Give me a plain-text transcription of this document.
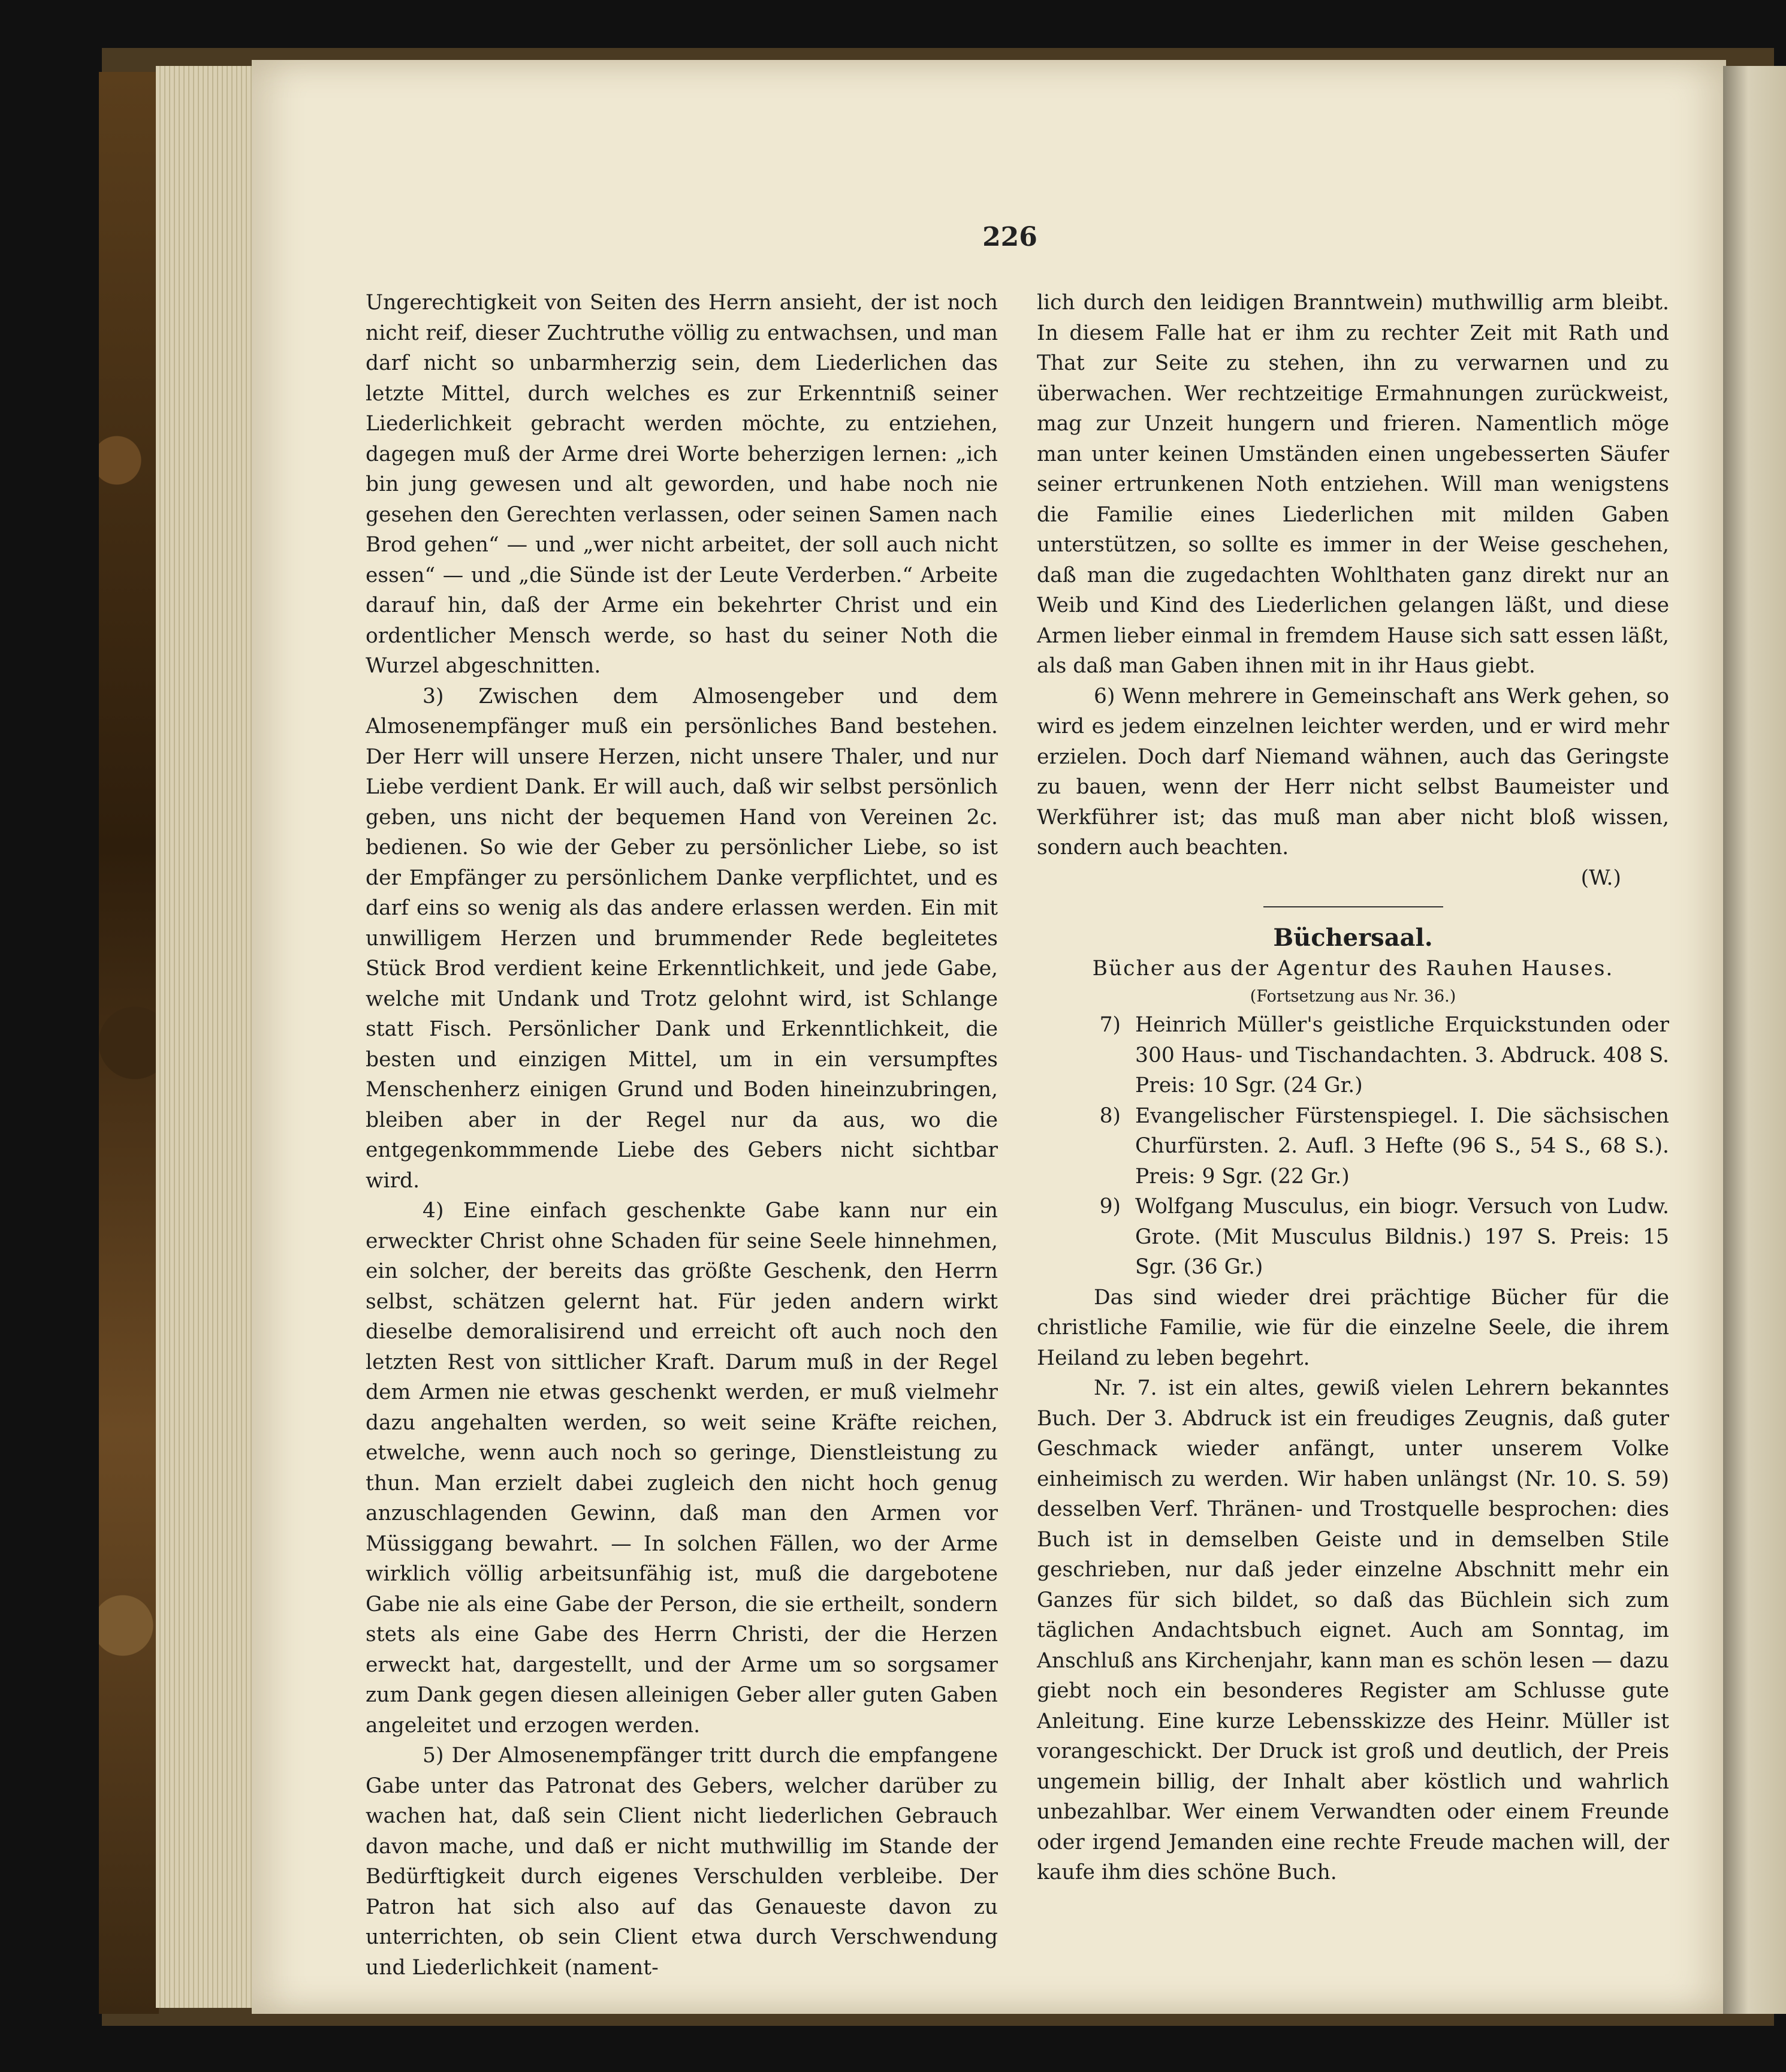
226

Ungerechtigkeit von Seiten des Herrn ansieht, der ist noch nicht reif, dieser Zuchtruthe völlig zu entwachsen, und man darf nicht so unbarmherzig sein, dem Liederlichen das letzte Mittel, durch welches es zur Erkenntniß seiner Liederlichkeit gebracht werden möchte, zu entziehen, dagegen muß der Arme drei Worte beherzigen lernen: „ich bin jung gewesen und alt geworden, und habe noch nie gesehen den Gerechten verlassen, oder seinen Samen nach Brod gehen“ — und „wer nicht arbeitet, der soll auch nicht essen“ — und „die Sünde ist der Leute Verderben.“ Arbeite darauf hin, daß der Arme ein bekehrter Christ und ein ordentlicher Mensch werde, so hast du seiner Noth die Wurzel abgeschnitten.

3) Zwischen dem Almosengeber und dem Almosenempfänger muß ein persönliches Band bestehen. Der Herr will unsere Herzen, nicht unsere Thaler, und nur Liebe verdient Dank. Er will auch, daß wir selbst persönlich geben, uns nicht der bequemen Hand von Vereinen 2c. bedienen. So wie der Geber zu persönlicher Liebe, so ist der Empfänger zu persönlichem Danke verpflichtet, und es darf eins so wenig als das andere erlassen werden. Ein mit unwilligem Herzen und brummender Rede begleitetes Stück Brod verdient keine Erkenntlichkeit, und jede Gabe, welche mit Undank und Trotz gelohnt wird, ist Schlange statt Fisch. Persönlicher Dank und Erkenntlichkeit, die besten und einzigen Mittel, um in ein versumpftes Menschenherz einigen Grund und Boden hineinzubringen, bleiben aber in der Regel nur da aus, wo die entgegenkommmende Liebe des Gebers nicht sichtbar wird.

4) Eine einfach geschenkte Gabe kann nur ein erweckter Christ ohne Schaden für seine Seele hinnehmen, ein solcher, der bereits das größte Geschenk, den Herrn selbst, schätzen gelernt hat. Für jeden andern wirkt dieselbe demoralisirend und erreicht oft auch noch den letzten Rest von sittlicher Kraft. Darum muß in der Regel dem Armen nie etwas geschenkt werden, er muß vielmehr dazu angehalten werden, so weit seine Kräfte reichen, etwelche, wenn auch noch so geringe, Dienstleistung zu thun. Man erzielt dabei zugleich den nicht hoch genug anzuschlagenden Gewinn, daß man den Armen vor Müssiggang bewahrt. — In solchen Fällen, wo der Arme wirklich völlig arbeitsunfähig ist, muß die dargebotene Gabe nie als eine Gabe der Person, die sie ertheilt, sondern stets als eine Gabe des Herrn Christi, der die Herzen erweckt hat, dargestellt, und der Arme um so sorgsamer zum Dank gegen diesen alleinigen Geber aller guten Gaben angeleitet und erzogen werden.

5) Der Almosenempfänger tritt durch die empfangene Gabe unter das Patronat des Gebers, welcher darüber zu wachen hat, daß sein Client nicht liederlichen Gebrauch davon mache, und daß er nicht muthwillig im Stande der Bedürftigkeit durch eigenes Verschulden verbleibe. Der Patron hat sich also auf das Genaueste davon zu unterrichten, ob sein Client etwa durch Verschwendung und Liederlichkeit (nament-

lich durch den leidigen Branntwein) muthwillig arm bleibt. In diesem Falle hat er ihm zu rechter Zeit mit Rath und That zur Seite zu stehen, ihn zu verwarnen und zu überwachen. Wer rechtzeitige Ermahnungen zurückweist, mag zur Unzeit hungern und frieren. Namentlich möge man unter keinen Umständen einen ungebesserten Säufer seiner ertrunkenen Noth entziehen. Will man wenigstens die Familie eines Liederlichen mit milden Gaben unterstützen, so sollte es immer in der Weise geschehen, daß man die zugedachten Wohlthaten ganz direkt nur an Weib und Kind des Liederlichen gelangen läßt, und diese Armen lieber einmal in fremdem Hause sich satt essen läßt, als daß man Gaben ihnen mit in ihr Haus giebt.

6) Wenn mehrere in Gemeinschaft ans Werk gehen, so wird es jedem einzelnen leichter werden, und er wird mehr erzielen. Doch darf Niemand wähnen, auch das Geringste zu bauen, wenn der Herr nicht selbst Baumeister und Werkführer ist; das muß man aber nicht bloß wissen, sondern auch beachten.

(W.)

Büchersaal.

Bücher aus der Agentur des Rauhen Hauses.

(Fortsetzung aus Nr. 36.)

7) Heinrich Müller's geistliche Erquickstunden oder 300 Haus- und Tischandachten. 3. Abdruck. 408 S. Preis: 10 Sgr. (24 Gr.)
8) Evangelischer Fürstenspiegel. I. Die sächsischen Churfürsten. 2. Aufl. 3 Hefte (96 S., 54 S., 68 S.). Preis: 9 Sgr. (22 Gr.)
9) Wolfgang Musculus, ein biogr. Versuch von Ludw. Grote. (Mit Musculus Bildnis.) 197 S. Preis: 15 Sgr. (36 Gr.)

Das sind wieder drei prächtige Bücher für die christliche Familie, wie für die einzelne Seele, die ihrem Heiland zu leben begehrt.

Nr. 7. ist ein altes, gewiß vielen Lehrern bekanntes Buch. Der 3. Abdruck ist ein freudiges Zeugnis, daß guter Geschmack wieder anfängt, unter unserem Volke einheimisch zu werden. Wir haben unlängst (Nr. 10. S. 59) desselben Verf. Thränen- und Trostquelle besprochen: dies Buch ist in demselben Geiste und in demselben Stile geschrieben, nur daß jeder einzelne Abschnitt mehr ein Ganzes für sich bildet, so daß das Büchlein sich zum täglichen Andachtsbuch eignet. Auch am Sonntag, im Anschluß ans Kirchenjahr, kann man es schön lesen — dazu giebt noch ein besonderes Register am Schlusse gute Anleitung. Eine kurze Lebensskizze des Heinr. Müller ist vorangeschickt. Der Druck ist groß und deutlich, der Preis ungemein billig, der Inhalt aber köstlich und wahrlich unbezahlbar. Wer einem Verwandten oder einem Freunde oder irgend Jemanden eine rechte Freude machen will, der kaufe ihm dies schöne Buch.
